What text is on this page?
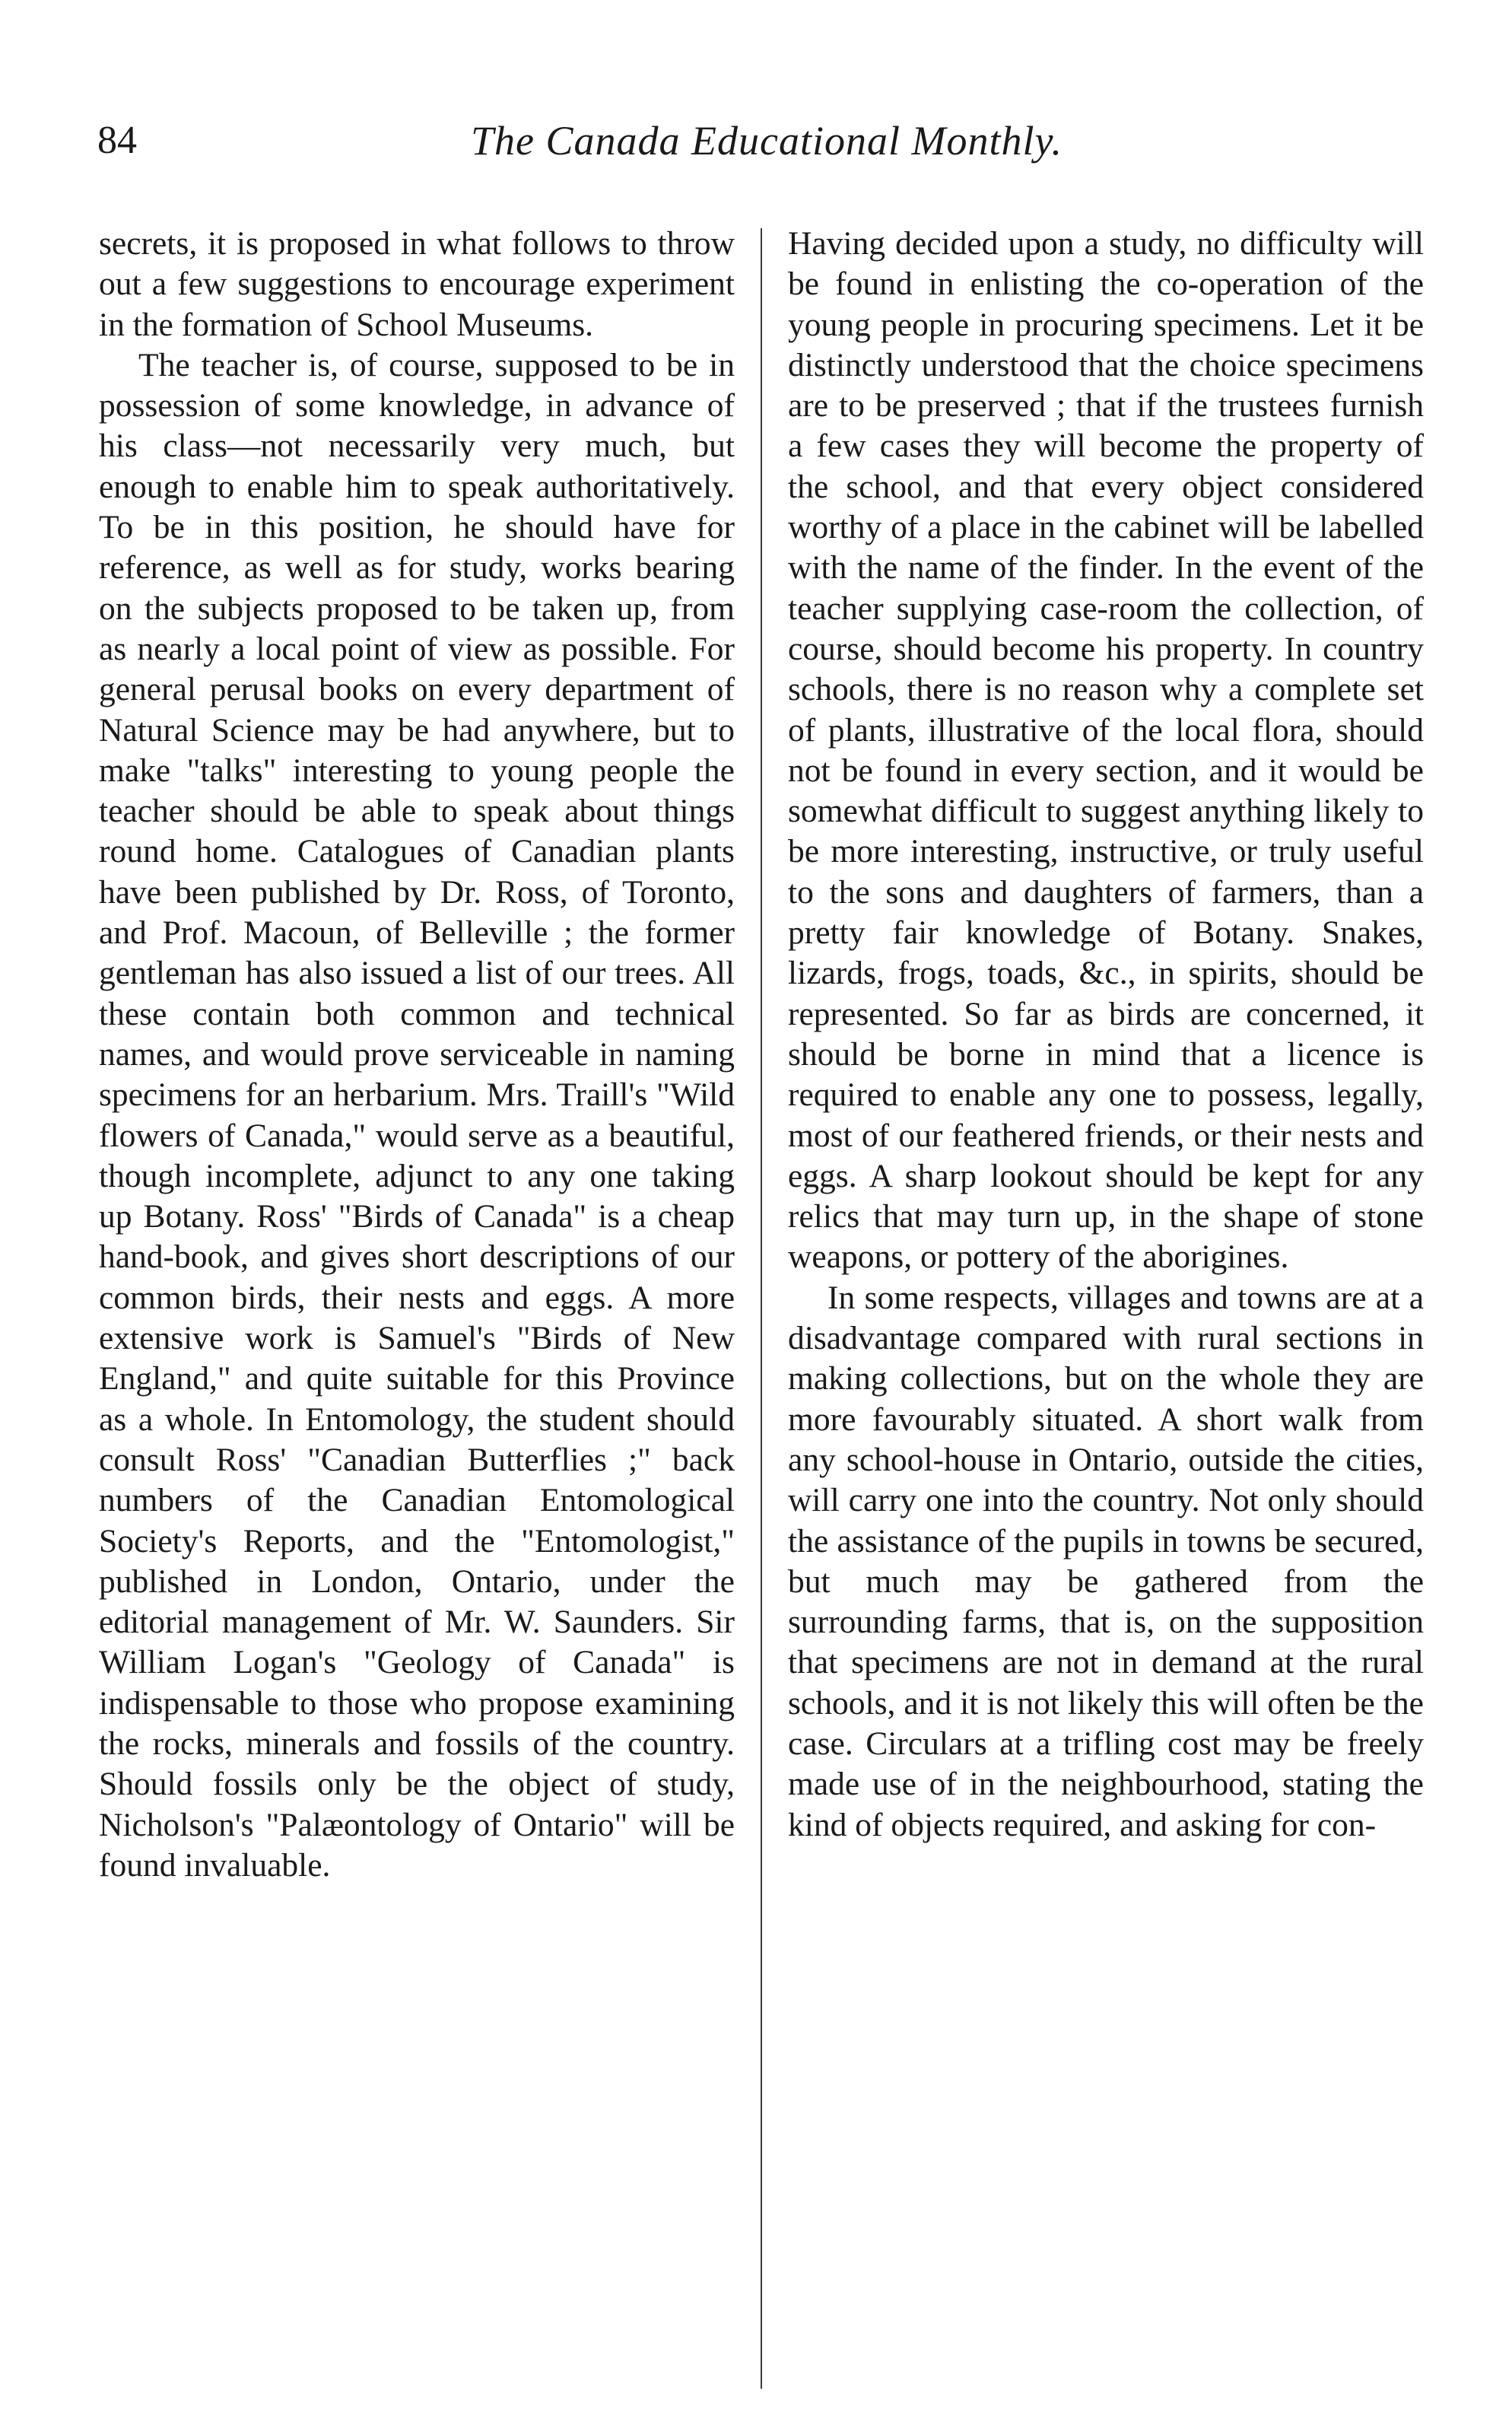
84	The Canada Educational Monthly.

secrets, it is proposed in what follows to throw out a few suggestions to encourage experiment in the formation of School Museums.

The teacher is, of course, supposed to be in possession of some knowledge, in advance of his class—not necessarily very much, but enough to enable him to speak authoritatively. To be in this position, he should have for reference, as well as for study, works bearing on the subjects proposed to be taken up, from as nearly a local point of view as possible. For general perusal books on every department of Natural Science may be had anywhere, but to make "talks" interesting to young people the teacher should be able to speak about things round home. Catalogues of Canadian plants have been published by Dr. Ross, of Toronto, and Prof. Macoun, of Belleville ; the former gentleman has also issued a list of our trees. All these contain both common and technical names, and would prove serviceable in naming specimens for an herbarium. Mrs. Traill's "Wild flowers of Canada," would serve as a beautiful, though incomplete, adjunct to any one taking up Botany. Ross' "Birds of Canada" is a cheap hand-book, and gives short descriptions of our common birds, their nests and eggs. A more extensive work is Samuel's "Birds of New England," and quite suitable for this Province as a whole. In Entomology, the student should consult Ross' "Canadian Butterflies ;" back numbers of the Canadian Entomological Society's Reports, and the "Entomologist," published in London, Ontario, under the editorial management of Mr. W. Saunders. Sir William Logan's "Geology of Canada" is indispensable to those who propose examining the rocks, minerals and fossils of the country. Should fossils only be the object of study, Nicholson's "Palæontology of Ontario" will be found invaluable.

Having decided upon a study, no difficulty will be found in enlisting the co-operation of the young people in procuring specimens. Let it be distinctly understood that the choice specimens are to be preserved ; that if the trustees furnish a few cases they will become the property of the school, and that every object considered worthy of a place in the cabinet will be labelled with the name of the finder. In the event of the teacher supplying case-room the collection, of course, should become his property. In country schools, there is no reason why a complete set of plants, illustrative of the local flora, should not be found in every section, and it would be somewhat difficult to suggest anything likely to be more interesting, instructive, or truly useful to the sons and daughters of farmers, than a pretty fair knowledge of Botany. Snakes, lizards, frogs, toads, &c., in spirits, should be represented. So far as birds are concerned, it should be borne in mind that a licence is required to enable any one to possess, legally, most of our feathered friends, or their nests and eggs. A sharp lookout should be kept for any relics that may turn up, in the shape of stone weapons, or pottery of the aborigines.

In some respects, villages and towns are at a disadvantage compared with rural sections in making collections, but on the whole they are more favourably situated. A short walk from any school-house in Ontario, outside the cities, will carry one into the country. Not only should the assistance of the pupils in towns be secured, but much may be gathered from the surrounding farms, that is, on the supposition that specimens are not in demand at the rural schools, and it is not likely this will often be the case. Circulars at a trifling cost may be freely made use of in the neighbourhood, stating the kind of objects required, and asking for con-
